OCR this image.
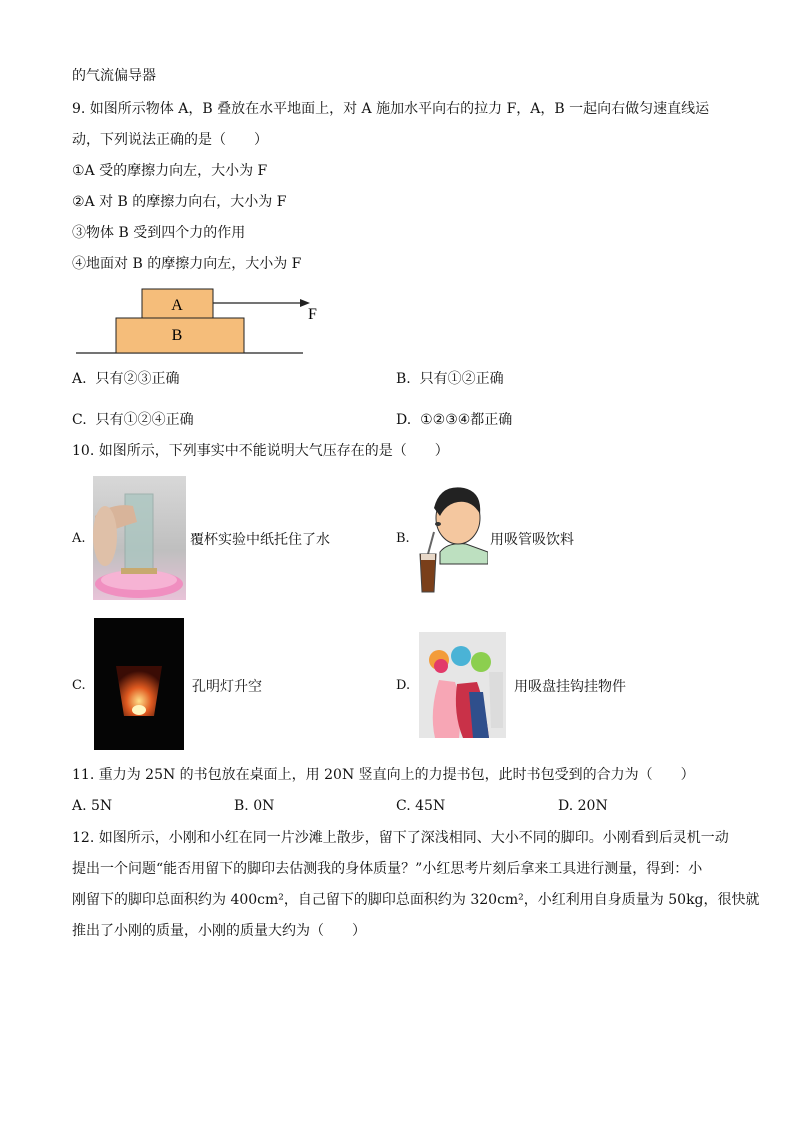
的气流偏导器
9. 如图所示物体 A，B 叠放在水平地面上，对 A 施加水平向右的拉力 F，A，B 一起向右做匀速直线运
动，下列说法正确的是（　　）
①A 受的摩擦力向左，大小为 F
②A 对 B 的摩擦力向右，大小为 F
③物体 B 受到四个力的作用
④地面对 B 的摩擦力向左，大小为 F
A
B
F
A. 只有②③正确	B. 只有①②正确
C. 只有①②④正确	D. ①②③④都正确
10. 如图所示，下列事实中不能说明大气压存在的是（　　）
A.	覆杯实验中纸托住了水	B.	用吸管吸饮料
C.	孔明灯升空	D.	用吸盘挂钩挂物件
11. 重力为 25N 的书包放在桌面上，用 20N 竖直向上的力提书包，此时书包受到的合力为（　　）
A. 5N	B. 0N	C. 45N	D. 20N
12. 如图所示，小刚和小红在同一片沙滩上散步，留下了深浅相同、大小不同的脚印。小刚看到后灵机一动
提出一个问题“能否用留下的脚印去估测我的身体质量？”小红思考片刻后拿来工具进行测量，得到：小
刚留下的脚印总面积约为 400cm²，自己留下的脚印总面积约为 320cm²，小红利用自身质量为 50kg，很快就
推出了小刚的质量，小刚的质量大约为（　　）
